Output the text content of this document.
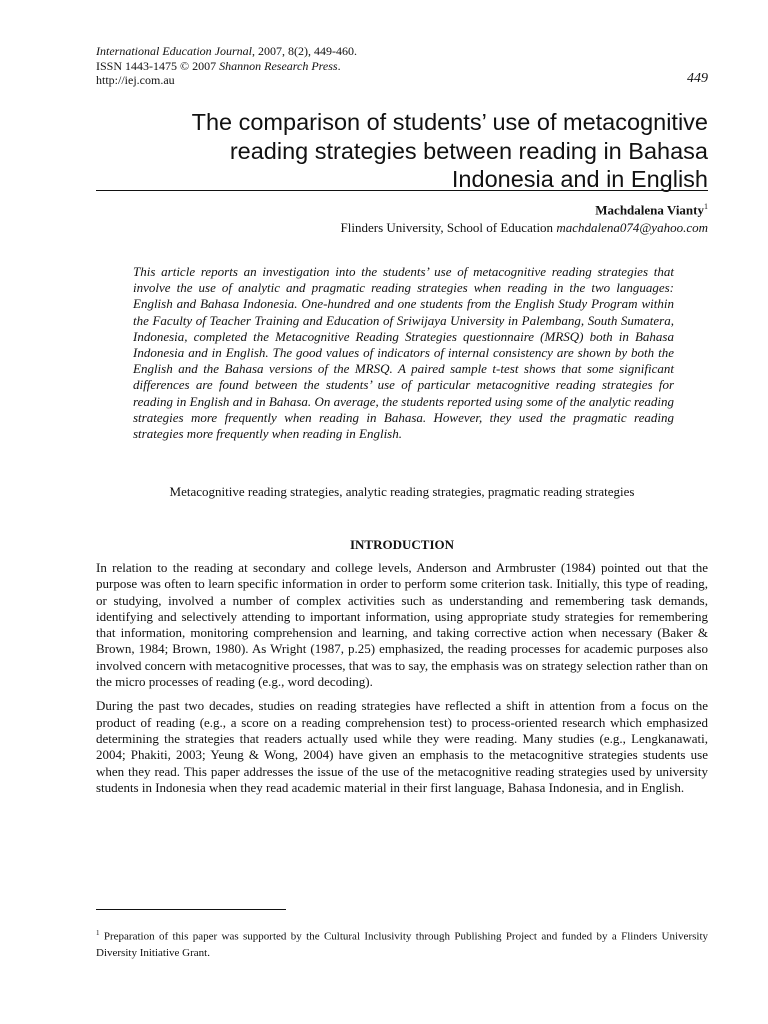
International Education Journal, 2007, 8(2), 449-460.
ISSN 1443-1475 © 2007 Shannon Research Press.
http://iej.com.au	449
The comparison of students’ use of metacognitive
reading strategies between reading in Bahasa
Indonesia and in English
Machdalena Vianty$^1$
Flinders University, School of Education machdalena074@yahoo.com
This article reports an investigation into the students’ use of metacognitive reading strategies that involve the use of analytic and pragmatic reading strategies when reading in the two languages: English and Bahasa Indonesia. One-hundred and one students from the English Study Program within the Faculty of Teacher Training and Education of Sriwijaya University in Palembang, South Sumatera, Indonesia, completed the Metacognitive Reading Strategies questionnaire (MRSQ) both in Bahasa Indonesia and in English. The good values of indicators of internal consistency are shown by both the English and the Bahasa versions of the MRSQ. A paired sample t-test shows that some significant differences are found between the students’ use of particular metacognitive reading strategies for reading in English and in Bahasa. On average, the students reported using some of the analytic reading strategies more frequently when reading in Bahasa. However, they used the pragmatic reading strategies more frequently when reading in English.
Metacognitive reading strategies, analytic reading strategies, pragmatic reading strategies
INTRODUCTION

In relation to the reading at secondary and college levels, Anderson and Armbruster (1984) pointed out that the purpose was often to learn specific information in order to perform some criterion task. Initially, this type of reading, or studying, involved a number of complex activities such as understanding and remembering task demands, identifying and selectively attending to important information, using appropriate study strategies for remembering that information, monitoring comprehension and learning, and taking corrective action when necessary (Baker & Brown, 1984; Brown, 1980). As Wright (1987, p.25) emphasized, the reading processes for academic purposes also involved concern with metacognitive processes, that was to say, the emphasis was on strategy selection rather than on the micro processes of reading (e.g., word decoding).

During the past two decades, studies on reading strategies have reflected a shift in attention from a focus on the product of reading (e.g., a score on a reading comprehension test) to process-oriented research which emphasized determining the strategies that readers actually used while they were reading. Many studies (e.g., Lengkanawati, 2004; Phakiti, 2003; Yeung & Wong, 2004) have given an emphasis to the metacognitive strategies students use when they read. This paper addresses the issue of the use of the metacognitive reading strategies used by university students in Indonesia when they read academic material in their first language, Bahasa Indonesia, and in English.

$^1$ Preparation of this paper was supported by the Cultural Inclusivity through Publishing Project and funded by a Flinders University Diversity Initiative Grant.
